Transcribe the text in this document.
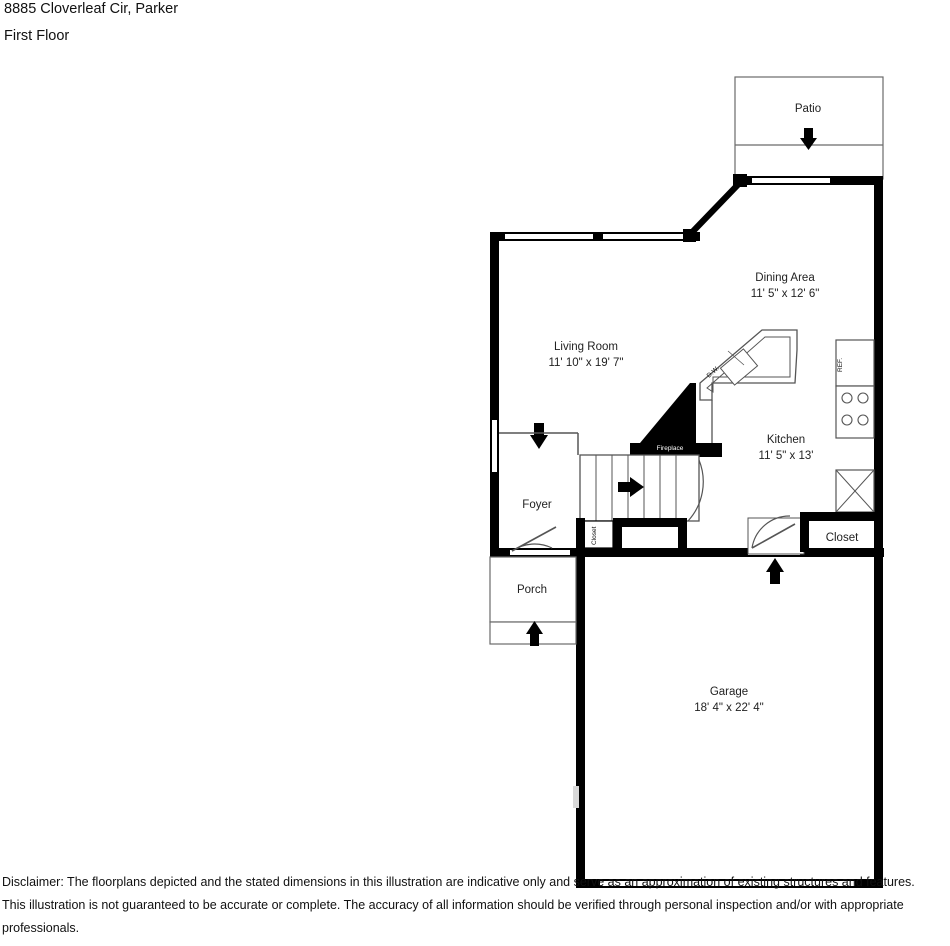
8885 Cloverleaf Cir, Parker
First Floor
Patio
Porch
Living Room
11' 10" x 19' 7"
Dining Area
11' 5" x 12' 6"
D.W.	REF.
Kitchen
11' 5" x 13'
Fireplace
Foyer
Closet	Closet
Garage
18' 4" x 22' 4"
Disclaimer: The floorplans depicted and the stated dimensions in this illustration are indicative only and serve as an approximation of existing structures and features.
This illustration is not guaranteed to be accurate or complete. The accuracy of all information should be verified through personal inspection and/or with appropriate professionals.
